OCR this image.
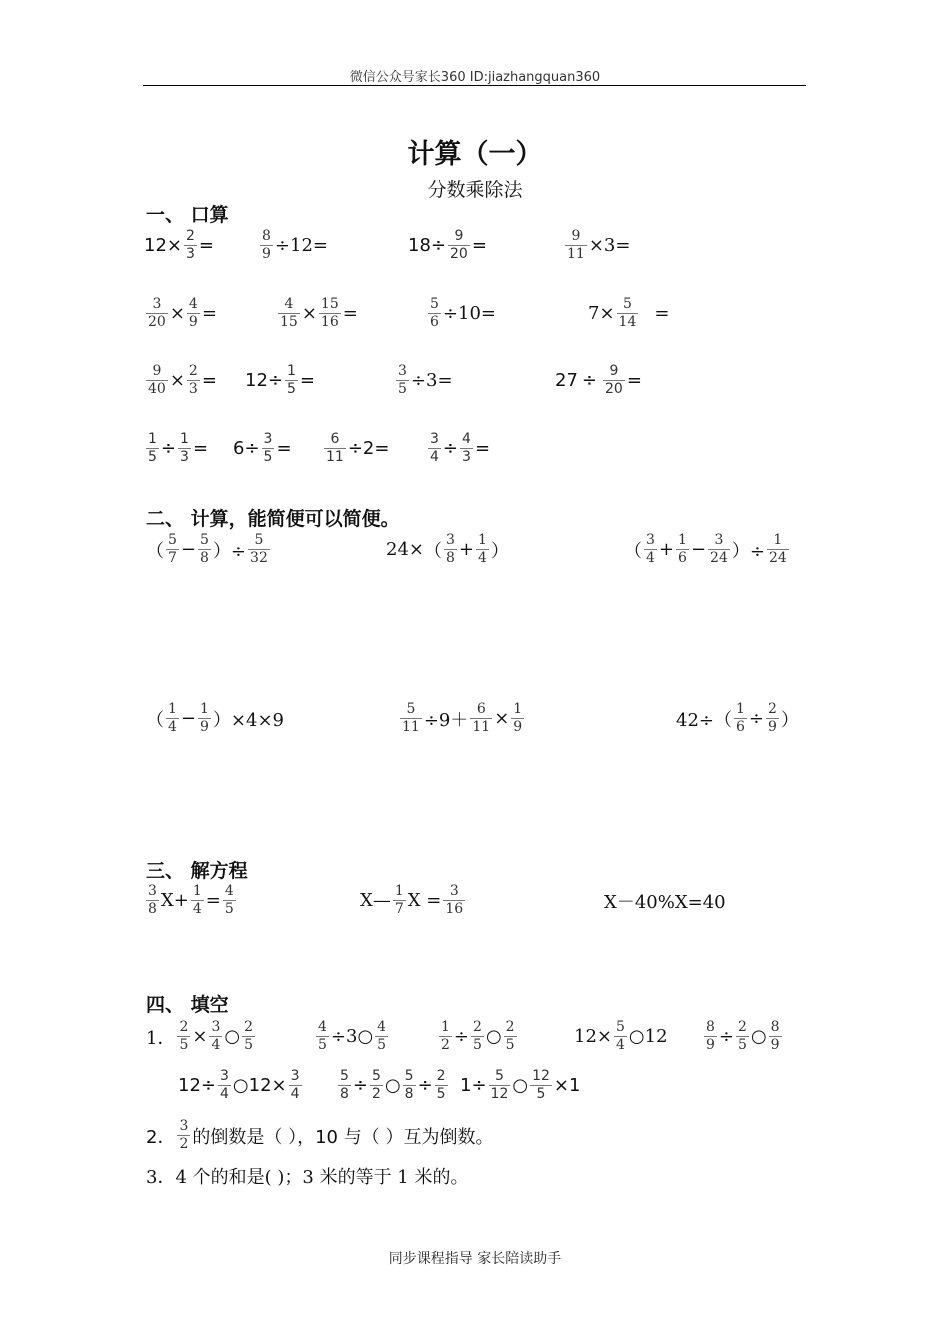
微信公众号家长360 ID:jiazhangquan360
计算（一）
分数乘除法
一、 口算
12 × 2
3 =	8
9 ÷ 12=	18 ÷ 9
20 =	9
11 ×3=
3
20 × 4
9 =	4
15 × 15
16 =	5
6 ÷10=	7 × 5
14 =
9
40 × 2
3 = 12 ÷ 1
5 =	3
5 ÷3=	27 ÷ 9
20 =
1
5 ÷ 1
3 = 6 ÷ 3
5 =	6
11 ÷ 2=	3
4 ÷ 4
3 =
二、 计算，能简便可以简便。
（
5
7 − 5
8 ）÷
5
32	24× （
3
8 + 1
4 ）	（
3
4 + 1
6 − 3
24 ）÷
1
24
（
1
4 − 1
9 ）×4×9
5
11 ÷9＋
6
11 × 1
9	42÷（
1
6 ÷ 2
9 ）
三、 解方程
3
8 X+ 1
4 = 4
5	X— 1
7 X = 3
16	X－40%X=40
四、 填空
1．
2
5 × 3
4 ○ 2
5
4
5 ÷3○ 4
5
1
2 ÷ 2
5 ○ 2
5	12× 5
4 ○12	8
9 ÷ 2
5 ○ 8
9
12÷ 3
4 ○12× 3
4
5
8 ÷ 5
2 ○ 5
8 ÷ 2
5 1÷ 5
12 ○ 12
5 ×1
2．
3
2 的倒数是（ ），10 与（ ）互为倒数。
3．4 个的和是( )；3 米的等于 1 米的。
同步课程指导 家长陪读助手
